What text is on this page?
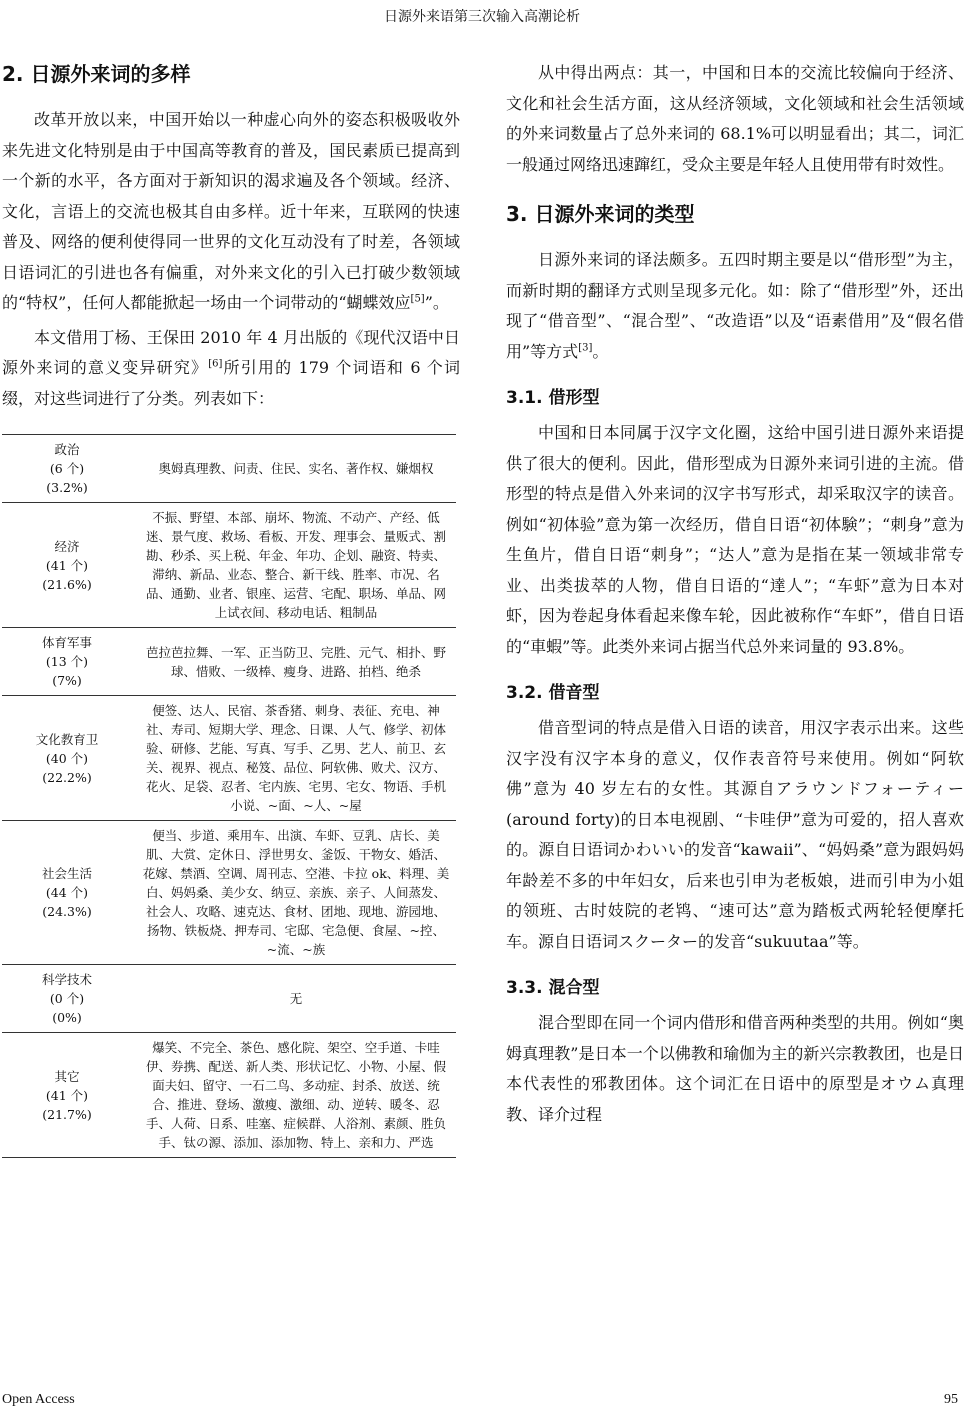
日源外来语第三次输入高潮论析
2. 日源外来词的多样

改革开放以来，中国开始以一种虚心向外的姿态积极吸收外来先进文化特别是由于中国高等教育的普及，国民素质已提高到一个新的水平，各方面对于新知识的渴求遍及各个领域。经济、文化，言语上的交流也极其自由多样。近十年来，互联网的快速普及、网络的便利使得同一世界的文化互动没有了时差，各领域日语词汇的引进也各有偏重，对外来文化的引入已打破少数领域的“特权”，任何人都能掀起一场由一个词带动的“蝴蝶效应[5]”。

本文借用丁杨、王保田 2010 年 4 月出版的《现代汉语中日源外来词的意义变异研究》[6]所引用的 179 个词语和 6 个词缀，对这些词进行了分类。列表如下：

政治
(6 个)
(3.2%)	奥姆真理教、问责、住民、实名、著作权、嫌烟权

经济
(41 个)
(21.6%)	不振、野望、本部、崩坏、物流、不动产、产经、低迷、景气度、救场、看板、开发、理事会、量贩式、割勘、秒杀、买上税、年金、年功、企划、融资、特卖、滞纳、新品、业态、整合、新干线、胜率、市况、名品、通勤、业者、银座、运营、宅配、职场、单品、网上试衣间、移动电话、粗制品

体育军事
(13 个)
(7%)	芭拉芭拉舞、一军、正当防卫、完胜、元气、相扑、野球、惜败、一级棒、瘦身、进路、拍档、绝杀

文化教育卫
(40 个)
(22.2%)	便签、达人、民宿、茶香猪、刺身、表征、充电、神社、寿司、短期大学、理念、日课、人气、修学、初体验、研修、艺能、写真、写手、乙男、艺人、前卫、玄关、视界、视点、秘笈、品位、阿软佛、败犬、汉方、花火、足袋、忍者、宅内族、宅男、宅女、物语、手机小说、~面、~人、~屋

社会生活
(44 个)
(24.3%)	便当、步道、乘用车、出演、车虾、豆乳、店长、美肌、大赏、定休日、浮世男女、釜饭、干物女、婚活、花嫁、禁酒、空调、周刊志、空港、卡拉 ok、料理、美白、妈妈桑、美少女、纳豆、亲族、亲子、人间蒸发、社会人、攻略、速克达、食材、团地、现地、游园地、扬物、铁板烧、押寿司、宅邸、宅急便、食屋、~控、~流、~族

科学技术
(0 个)
(0%)	无

其它
(41 个)
(21.7%)	爆笑、不完全、茶色、感化院、架空、空手道、卡哇伊、券携、配送、新人类、形状记忆、小物、小屋、假面夫妇、留守、一石二鸟、多动症、封杀、放送、统合、推进、登场、激瘦、激细、动、逆转、暖冬、忍手、人荷、日系、哇塞、症候群、人浴剂、素颜、胜负手、钛の源、添加、添加物、特上、亲和力、严选

从中得出两点：其一，中国和日本的交流比较偏向于经济、文化和社会生活方面，这从经济领域，文化领域和社会生活领域的外来词数量占了总外来词的 68.1%可以明显看出；其二，词汇一般通过网络迅速蹿红，受众主要是年轻人且使用带有时效性。

3. 日源外来词的类型

日源外来词的译法颇多。五四时期主要是以“借形型”为主，而新时期的翻译方式则呈现多元化。如：除了“借形型”外，还出现了“借音型”、“混合型”、“改造语”以及“语素借用”及“假名借用”等方式[3]。

3.1. 借形型

中国和日本同属于汉字文化圈，这给中国引进日源外来语提供了很大的便利。因此，借形型成为日源外来词引进的主流。借形型的特点是借入外来词的汉字书写形式，却采取汉字的读音。例如“初体验”意为第一次经历，借自日语“初体験”；“刺身”意为生鱼片，借自日语“刺身”；“达人”意为是指在某一领域非常专业、出类拔萃的人物，借自日语的“達人”；“车虾”意为日本对虾，因为卷起身体看起来像车轮，因此被称作“车虾”，借自日语的“車蝦”等。此类外来词占据当代总外来词量的 93.8%。

3.2. 借音型

借音型词的特点是借入日语的读音，用汉字表示出来。这些汉字没有汉字本身的意义，仅作表音符号来使用。例如“阿软佛”意为 40 岁左右的女性。其源自アラウンドフォーティー(around forty)的日本电视剧、“卡哇伊”意为可爱的，招人喜欢的。源自日语词かわいい的发音“kawaii”、“妈妈桑”意为跟妈妈年龄差不多的中年妇女，后来也引申为老板娘，进而引申为小姐的领班、古时妓院的老鸨、“速可达”意为踏板式两轮轻便摩托车。源自日语词スクーター的发音“sukuutaa”等。

3.3. 混合型

混合型即在同一个词内借形和借音两种类型的共用。例如“奥姆真理教”是日本一个以佛教和瑜伽为主的新兴宗教教团，也是日本代表性的邪教团体。这个词汇在日语中的原型是オウム真理教、译介过程

Open Access	95
